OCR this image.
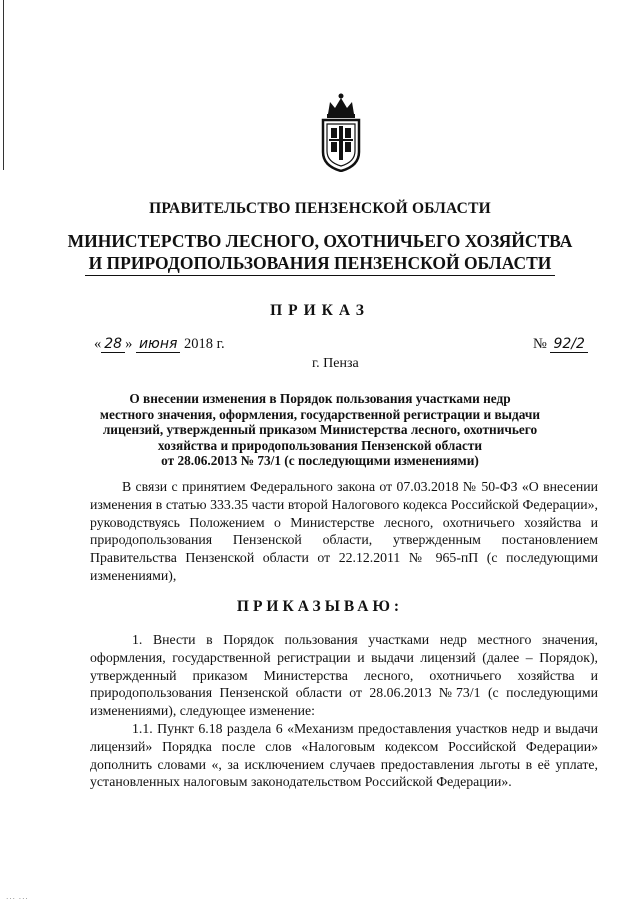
ПРАВИТЕЛЬСТВО ПЕНЗЕНСКОЙ ОБЛАСТИ
МИНИСТЕРСТВО ЛЕСНОГО, ОХОТНИЧЬЕГО ХОЗЯЙСТВА
И ПРИРОДОПОЛЬЗОВАНИЯ ПЕНЗЕНСКОЙ ОБЛАСТИ
ПРИКАЗ
« 28 » июня 2018 г.	№ 92/2
г. Пенза
О внесении изменения в Порядок пользования участками недр
местного значения, оформления, государственной регистрации и выдачи
лицензий, утвержденный приказом Министерства лесного, охотничьего
хозяйства и природопользования Пензенской области
от 28.06.2013 № 73/1 (с последующими изменениями)
В связи с принятием Федерального закона от 07.03.2018 № 50-ФЗ «О внесении изменения в статью 333.35 части второй Налогового кодекса Российской Федерации», руководствуясь Положением о Министерстве лесного, охотничьего хозяйства и природопользования Пензенской области, утвержденным постановлением Правительства Пензенской области от 22.12.2011 № 965-пП (с последующими изменениями),
ПРИКАЗЫВАЮ:
1. Внести в Порядок пользования участками недр местного значения, оформления, государственной регистрации и выдачи лицензий (далее – Порядок), утвержденный приказом Министерства лесного, охотничьего хозяйства и природопользования Пензенской области от 28.06.2013 №73/1 (с последующими изменениями), следующее изменение:
1.1. Пункт 6.18 раздела 6 «Механизм предоставления участков недр и выдачи лицензий» Порядка после слов «Налоговым кодексом Российской Федерации» дополнить словами «, за исключением случаев предоставления льготы в её уплате, установленных налоговым законодательством Российской Федерации».
··· ···
